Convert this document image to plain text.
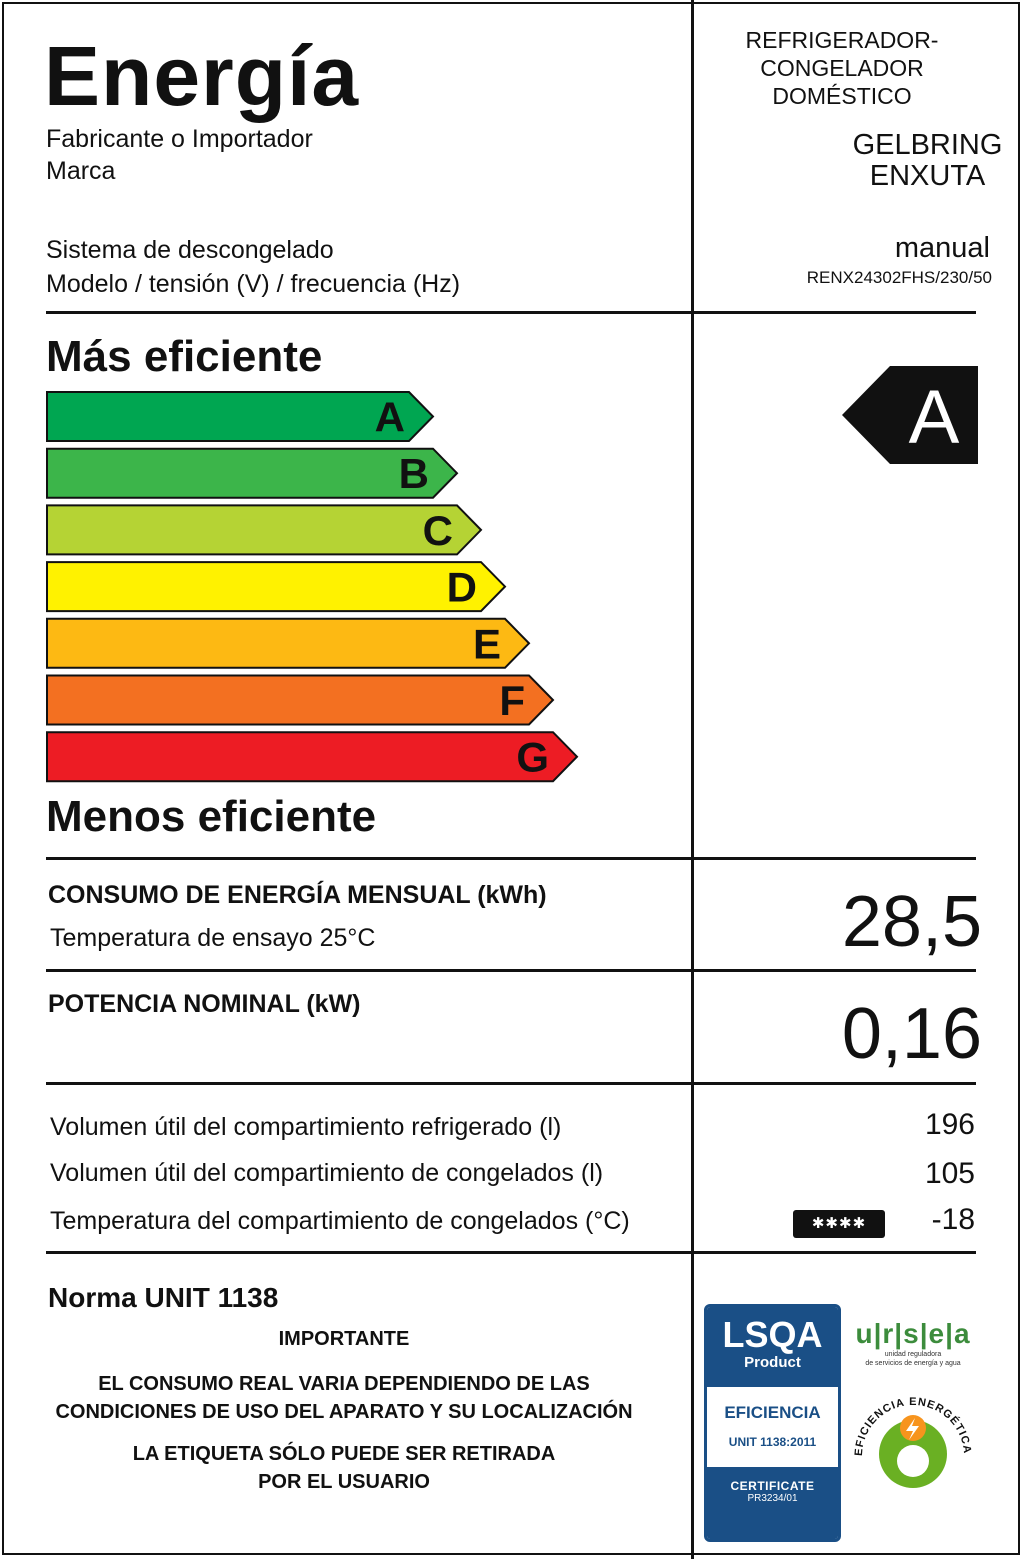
Energía	REFRIGERADOR-
CONGELADOR
DOMÉSTICO
Fabricante o Importador
Marca
GELBRING
ENXUTA
Sistema de descongelado	manual
Modelo / tensión (V) / frecuencia (Hz)	RENX24302FHS/230/50
Más eficiente
A
B
C
D
E
F
G
Menos eficiente
A
CONSUMO DE ENERGÍA MENSUAL (kWh)
Temperatura de ensayo 25°C	28,5
POTENCIA NOMINAL (kW)	0,16
Volumen útil del compartimiento refrigerado (l)	196
Volumen útil del compartimiento de congelados (l)	105
Temperatura del compartimiento de congelados (°C)	✱✱✱✱	-18
Norma UNIT 1138
IMPORTANTE
EL CONSUMO REAL VARIA DEPENDIENDO DE LAS
CONDICIONES DE USO DEL APARATO Y SU LOCALIZACIÓN
LA ETIQUETA SÓLO PUEDE SER RETIRADA
POR EL USUARIO
LSQA
Product
EFICIENCIA
UNIT 1138:2011
CERTIFICATE
PR3234/01
u|r|s|e|a
unidad reguladora
de servicios de energía y agua
EFICIENCIA ENERGÉTICA
